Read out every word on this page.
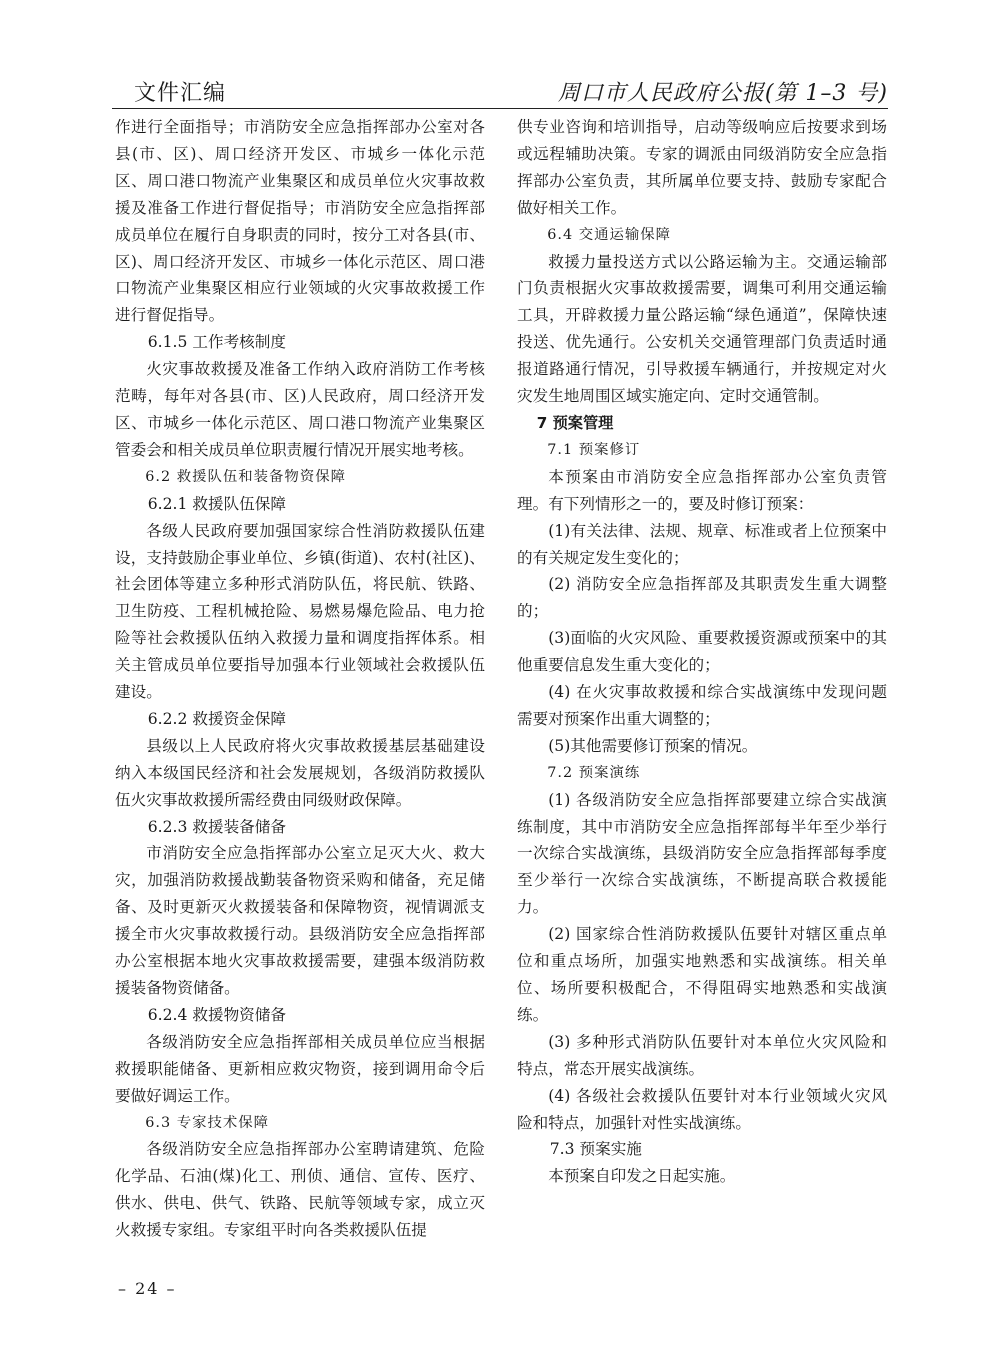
文件汇编	周口市人民政府公报(第 1–3 号)

作进行全面指导；市消防安全应急指挥部办公室对各县(市、区)、周口经济开发区、市城乡一体化示范区、周口港口物流产业集聚区和成员单位火灾事故救援及准备工作进行督促指导；市消防安全应急指挥部成员单位在履行自身职责的同时，按分工对各县(市、区)、周口经济开发区、市城乡一体化示范区、周口港口物流产业集聚区相应行业领域的火灾事故救援工作进行督促指导。

6.1.5 工作考核制度

火灾事故救援及准备工作纳入政府消防工作考核范畴，每年对各县(市、区)人民政府，周口经济开发区、市城乡一体化示范区、周口港口物流产业集聚区管委会和相关成员单位职责履行情况开展实地考核。

6.2 救援队伍和装备物资保障

6.2.1 救援队伍保障

各级人民政府要加强国家综合性消防救援队伍建设，支持鼓励企事业单位、乡镇(街道)、农村(社区)、社会团体等建立多种形式消防队伍，将民航、铁路、卫生防疫、工程机械抢险、易燃易爆危险品、电力抢险等社会救援队伍纳入救援力量和调度指挥体系。相关主管成员单位要指导加强本行业领域社会救援队伍建设。

6.2.2 救援资金保障

县级以上人民政府将火灾事故救援基层基础建设纳入本级国民经济和社会发展规划，各级消防救援队伍火灾事故救援所需经费由同级财政保障。

6.2.3 救援装备储备

市消防安全应急指挥部办公室立足灭大火、救大灾，加强消防救援战勤装备物资采购和储备，充足储备、及时更新灭火救援装备和保障物资，视情调派支援全市火灾事故救援行动。县级消防安全应急指挥部办公室根据本地火灾事故救援需要，建强本级消防救援装备物资储备。

6.2.4 救援物资储备

各级消防安全应急指挥部相关成员单位应当根据救援职能储备、更新相应救灾物资，接到调用命令后要做好调运工作。

6.3 专家技术保障

各级消防安全应急指挥部办公室聘请建筑、危险化学品、石油(煤)化工、刑侦、通信、宣传、医疗、供水、供电、供气、铁路、民航等领域专家，成立灭火救援专家组。专家组平时向各类救援队伍提

供专业咨询和培训指导，启动等级响应后按要求到场或远程辅助决策。专家的调派由同级消防安全应急指挥部办公室负责，其所属单位要支持、鼓励专家配合做好相关工作。

6.4 交通运输保障

救援力量投送方式以公路运输为主。交通运输部门负责根据火灾事故救援需要，调集可利用交通运输工具，开辟救援力量公路运输“绿色通道”，保障快速投送、优先通行。公安机关交通管理部门负责适时通报道路通行情况，引导救援车辆通行，并按规定对火灾发生地周围区域实施定向、定时交通管制。

7 预案管理

7.1 预案修订

本预案由市消防安全应急指挥部办公室负责管理。有下列情形之一的，要及时修订预案：

(1)有关法律、法规、规章、标准或者上位预案中的有关规定发生变化的；

(2) 消防安全应急指挥部及其职责发生重大调整的；

(3)面临的火灾风险、重要救援资源或预案中的其他重要信息发生重大变化的；

(4) 在火灾事故救援和综合实战演练中发现问题需要对预案作出重大调整的；

(5)其他需要修订预案的情况。

7.2 预案演练

(1) 各级消防安全应急指挥部要建立综合实战演练制度，其中市消防安全应急指挥部每半年至少举行一次综合实战演练，县级消防安全应急指挥部每季度至少举行一次综合实战演练，不断提高联合救援能力。

(2) 国家综合性消防救援队伍要针对辖区重点单位和重点场所，加强实地熟悉和实战演练。相关单位、场所要积极配合，不得阻碍实地熟悉和实战演练。

(3) 多种形式消防队伍要针对本单位火灾风险和特点，常态开展实战演练。

(4) 各级社会救援队伍要针对本行业领域火灾风险和特点，加强针对性实战演练。

7.3 预案实施

本预案自印发之日起实施。

– 24 –
